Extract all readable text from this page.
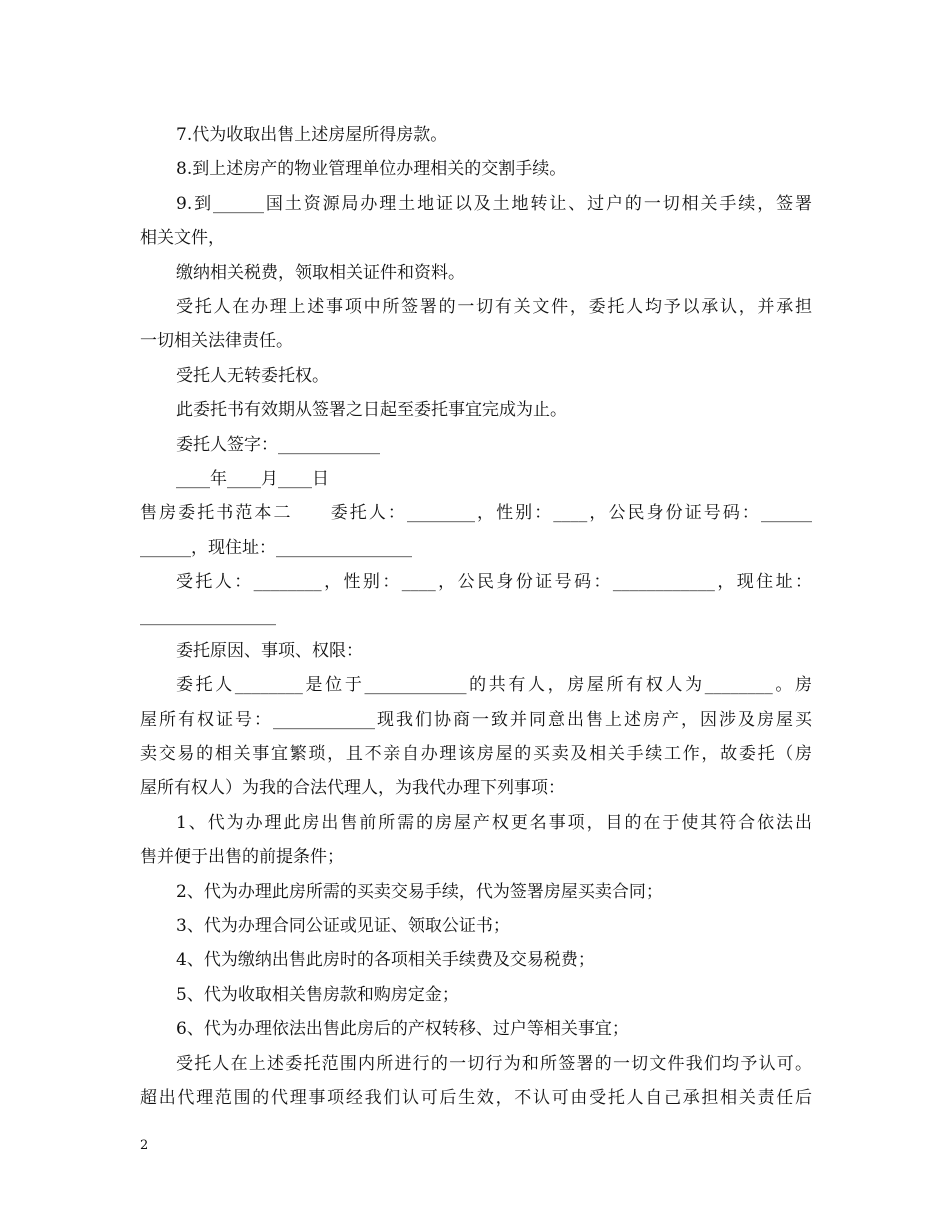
7.代为收取出售上述房屋所得房款。
8.到上述房产的物业管理单位办理相关的交割手续。
9.到______国土资源局办理土地证以及土地转让、过户的一切相关手续，签署
相关文件，
缴纳相关税费，领取相关证件和资料。
受托人在办理上述事项中所签署的一切有关文件，委托人均予以承认，并承担
一切相关法律责任。
受托人无转委托权。
此委托书有效期从签署之日起至委托事宜完成为止。
委托人签字：____________
____年____月____日
售房委托书范本二　　委托人：________，性别：____，公民身份证号码：______
______，现住址：________________
受托人：________，性别：____，公民身份证号码：____________，现住址：
________________
委托原因、事项、权限：
委托人________是位于____________的共有人，房屋所有权人为________。房
屋所有权证号：____________现我们协商一致并同意出售上述房产，因涉及房屋买
卖交易的相关事宜繁琐，且不亲自办理该房屋的买卖及相关手续工作，故委托（房
屋所有权人）为我的合法代理人，为我代办理下列事项：
1、代为办理此房出售前所需的房屋产权更名事项，目的在于使其符合依法出
售并便于出售的前提条件；
2、代为办理此房所需的买卖交易手续，代为签署房屋买卖合同；
3、代为办理合同公证或见证、领取公证书；
4、代为缴纳出售此房时的各项相关手续费及交易税费；
5、代为收取相关售房款和购房定金；
6、代为办理依法出售此房后的产权转移、过户等相关事宜；
受托人在上述委托范围内所进行的一切行为和所签署的一切文件我们均予认可。
超出代理范围的代理事项经我们认可后生效，不认可由受托人自己承担相关责任后
2
